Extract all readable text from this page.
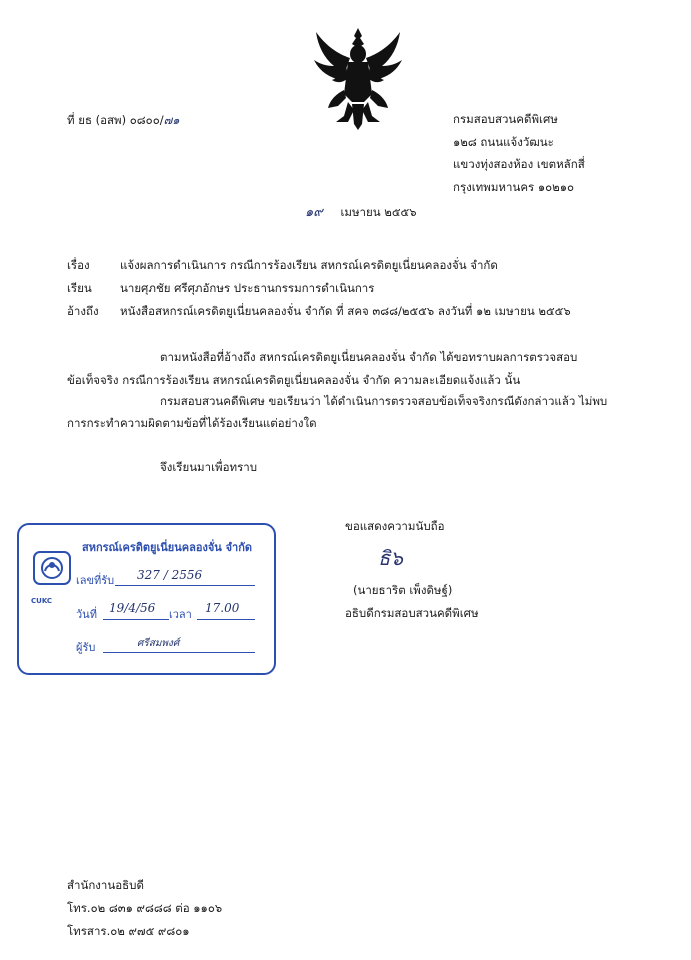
ที่ ยธ (อสพ) ๐๘๐๐/๗๑	กรมสอบสวนคดีพิเศษ
๑๒๘ ถนนแจ้งวัฒนะ
แขวงทุ่งสองห้อง เขตหลักสี่
กรุงเทพมหานคร ๑๐๒๑๐
๑๙ เมษายน ๒๕๕๖
เรื่อง	แจ้งผลการดำเนินการ กรณีการร้องเรียน สหกรณ์เครดิตยูเนี่ยนคลองจั่น จำกัด
เรียน นายศุภชัย ศรีศุภอักษร ประธานกรรมการดำเนินการ
อ้างถึง หนังสือสหกรณ์เครดิตยูเนี่ยนคลองจั่น จำกัด ที่ สคจ ๓๘๘/๒๕๕๖ ลงวันที่ ๑๒ เมษายน ๒๕๕๖
ตามหนังสือที่อ้างถึง สหกรณ์เครดิตยูเนี่ยนคลองจั่น จำกัด ได้ขอทราบผลการตรวจสอบ
ข้อเท็จจริง กรณีการร้องเรียน สหกรณ์เครดิตยูเนี่ยนคลองจั่น จำกัด ความละเอียดแจ้งแล้ว นั้น
กรมสอบสวนคดีพิเศษ ขอเรียนว่า ได้ดำเนินการตรวจสอบข้อเท็จจริงกรณีดังกล่าวแล้ว ไม่พบ
การกระทำความผิดตามข้อที่ได้ร้องเรียนแต่อย่างใด
จึงเรียนมาเพื่อทราบ
ขอแสดงความนับถือ
ธิ๖
(นายธาริต เพ็งดิษฐ์)
อธิบดีกรมสอบสวนคดีพิเศษ
CUKC
สหกรณ์เครดิตยูเนี่ยนคลองจั่น จำกัด
เลขที่รับ 327 / 2556
วันที่ 19/4/56 เวลา 17.00
ผู้รับ	ศรีสมพงศ์
สำนักงานอธิบดี
โทร.๐๒ ๘๓๑ ๙๘๘๘ ต่อ ๑๑๐๖
โทรสาร.๐๒ ๙๗๕ ๙๘๐๑
